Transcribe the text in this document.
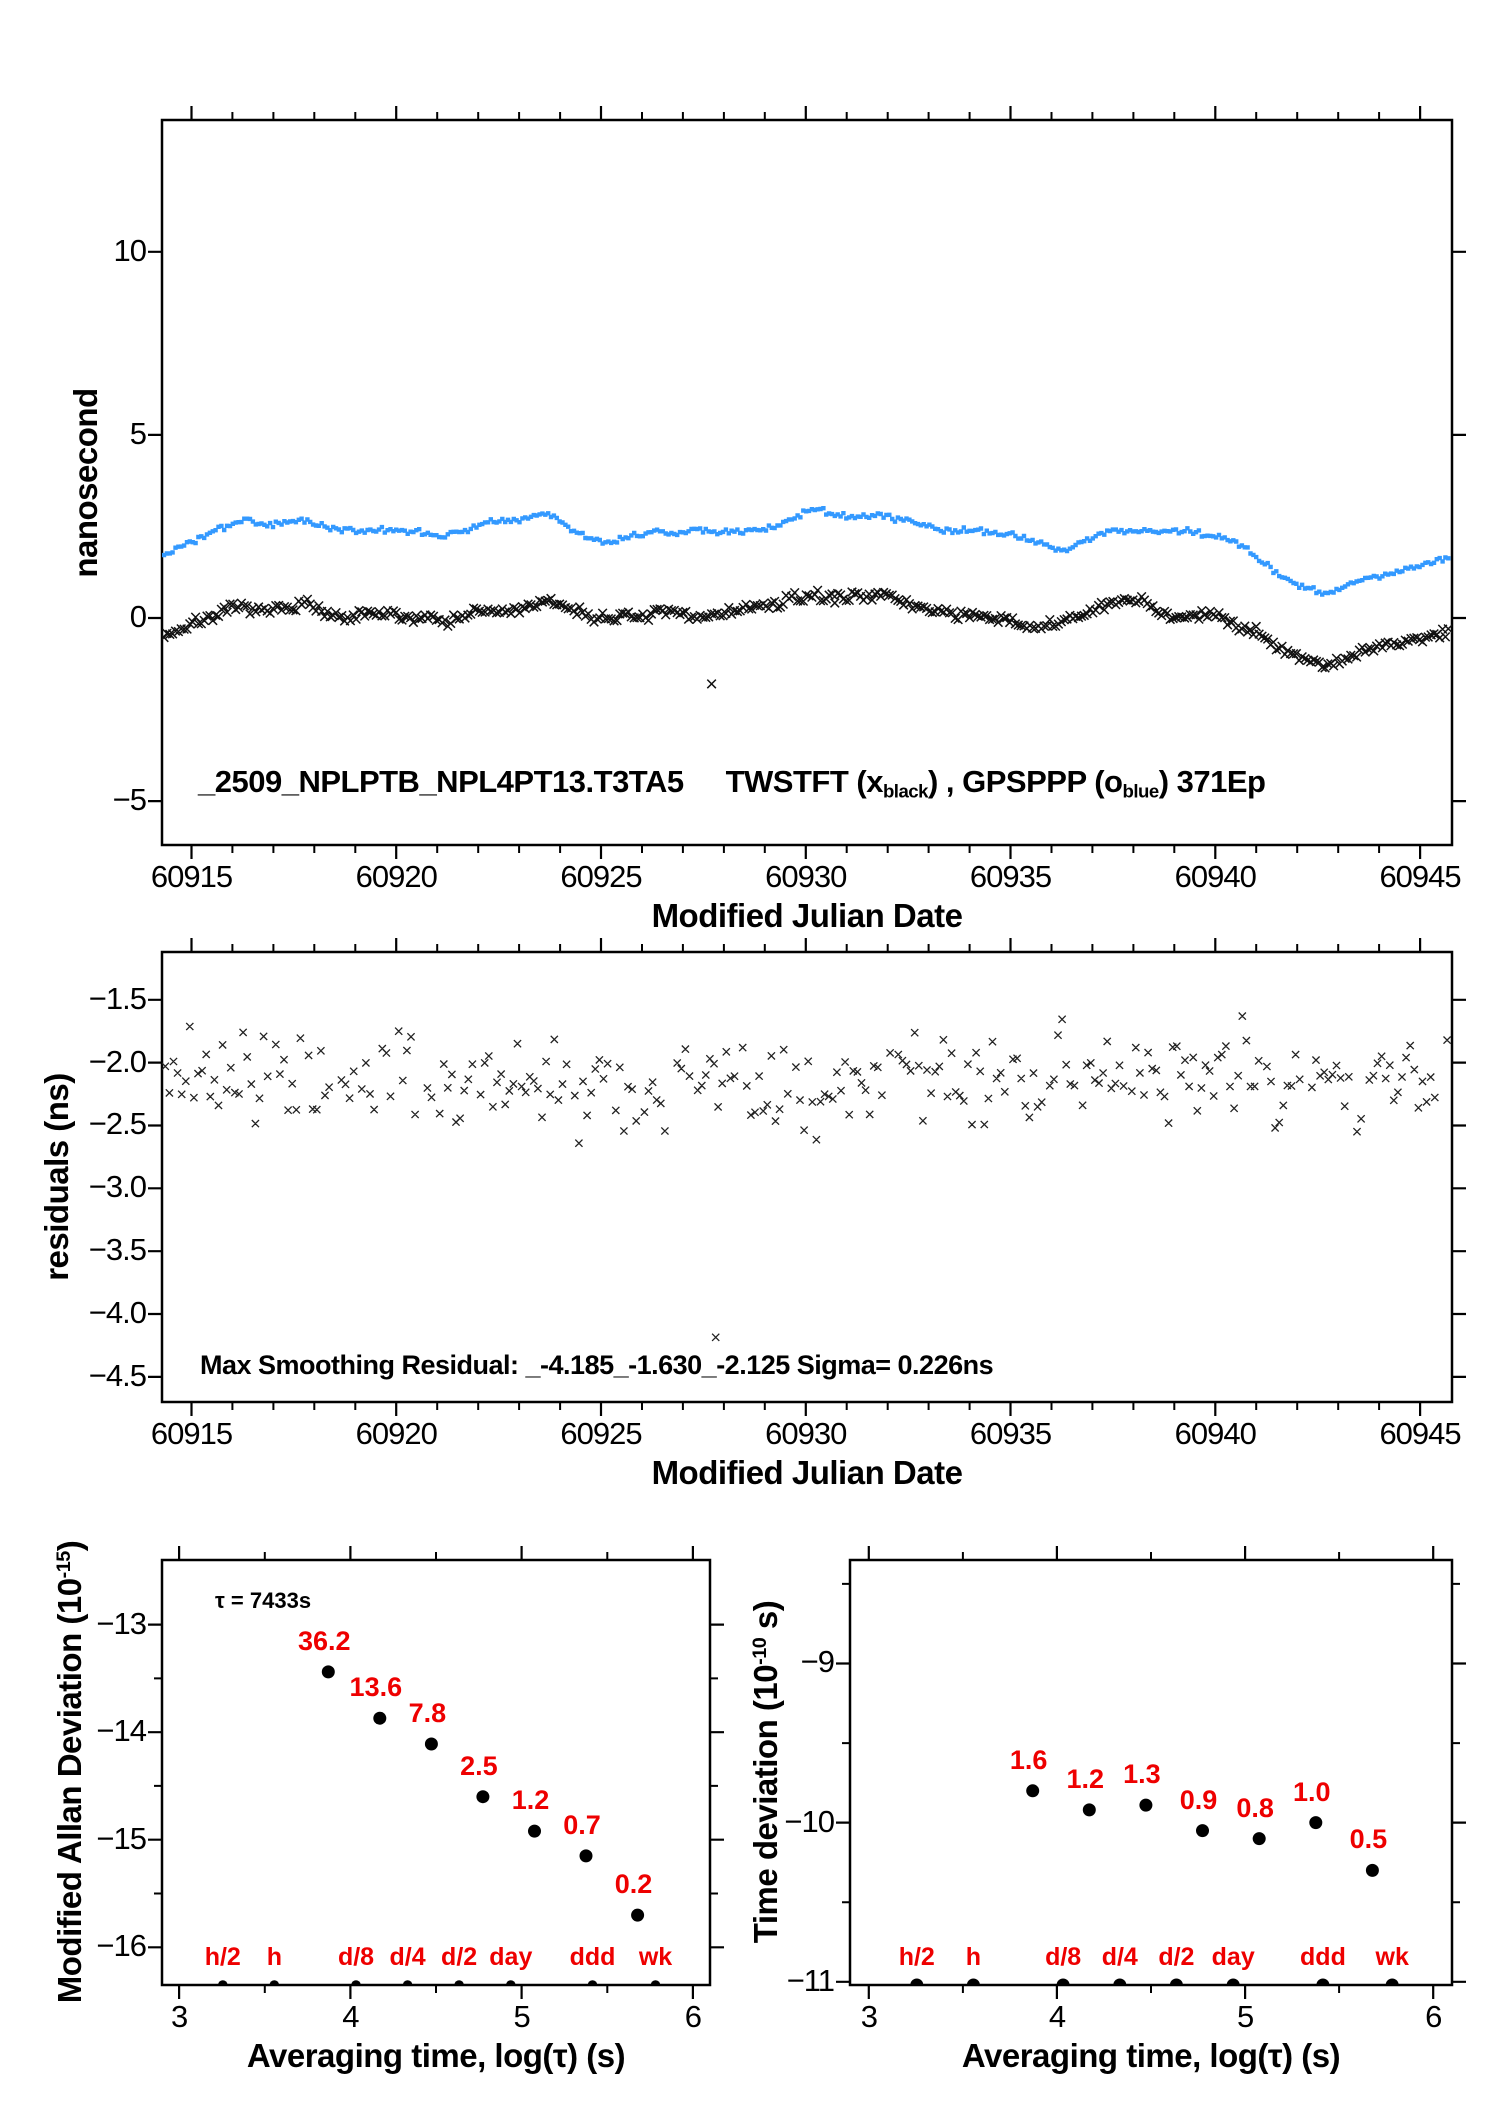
_2509_NPLPTB_NPL4PT13.T3TA5 TWSTFT $(x_{black})$ , GPSPPP $(o_{blue})$ 371Ep
nanosecond
residuals (ns)
Modified Allan Deviation $(10^{-15})$
Time deviation ($10^{-10}$ s)
Modified Julian Date
Modified Julian Date
Averaging time, log(τ) (s)	Averaging time, log(τ) (s)
Max Smoothing Residual: _-4.185_-1.630_-2.125 Sigma= 0.226ns
τ = 7433s
60915	60920	60925	60930	60935	60940	60945
10
5
0
−5
60915	60920	60925	60930	60935	60940	60945
−1.5
−2.0
−2.5
−3.0
−3.5
−4.0
−4.5
3	4	5	6
−13
−14
−15
−16
36.2
13.6
7.8
2.5
1.2
0.7
0.2
h/2 h d/8 d/4 d/2 day ddd wk
3	4	5	6
−9
−10
−11
1.6
1.2 1.3
0.9 0.8
1.0
0.5
h/2 h	d/8 d/4 d/2 day ddd wk
